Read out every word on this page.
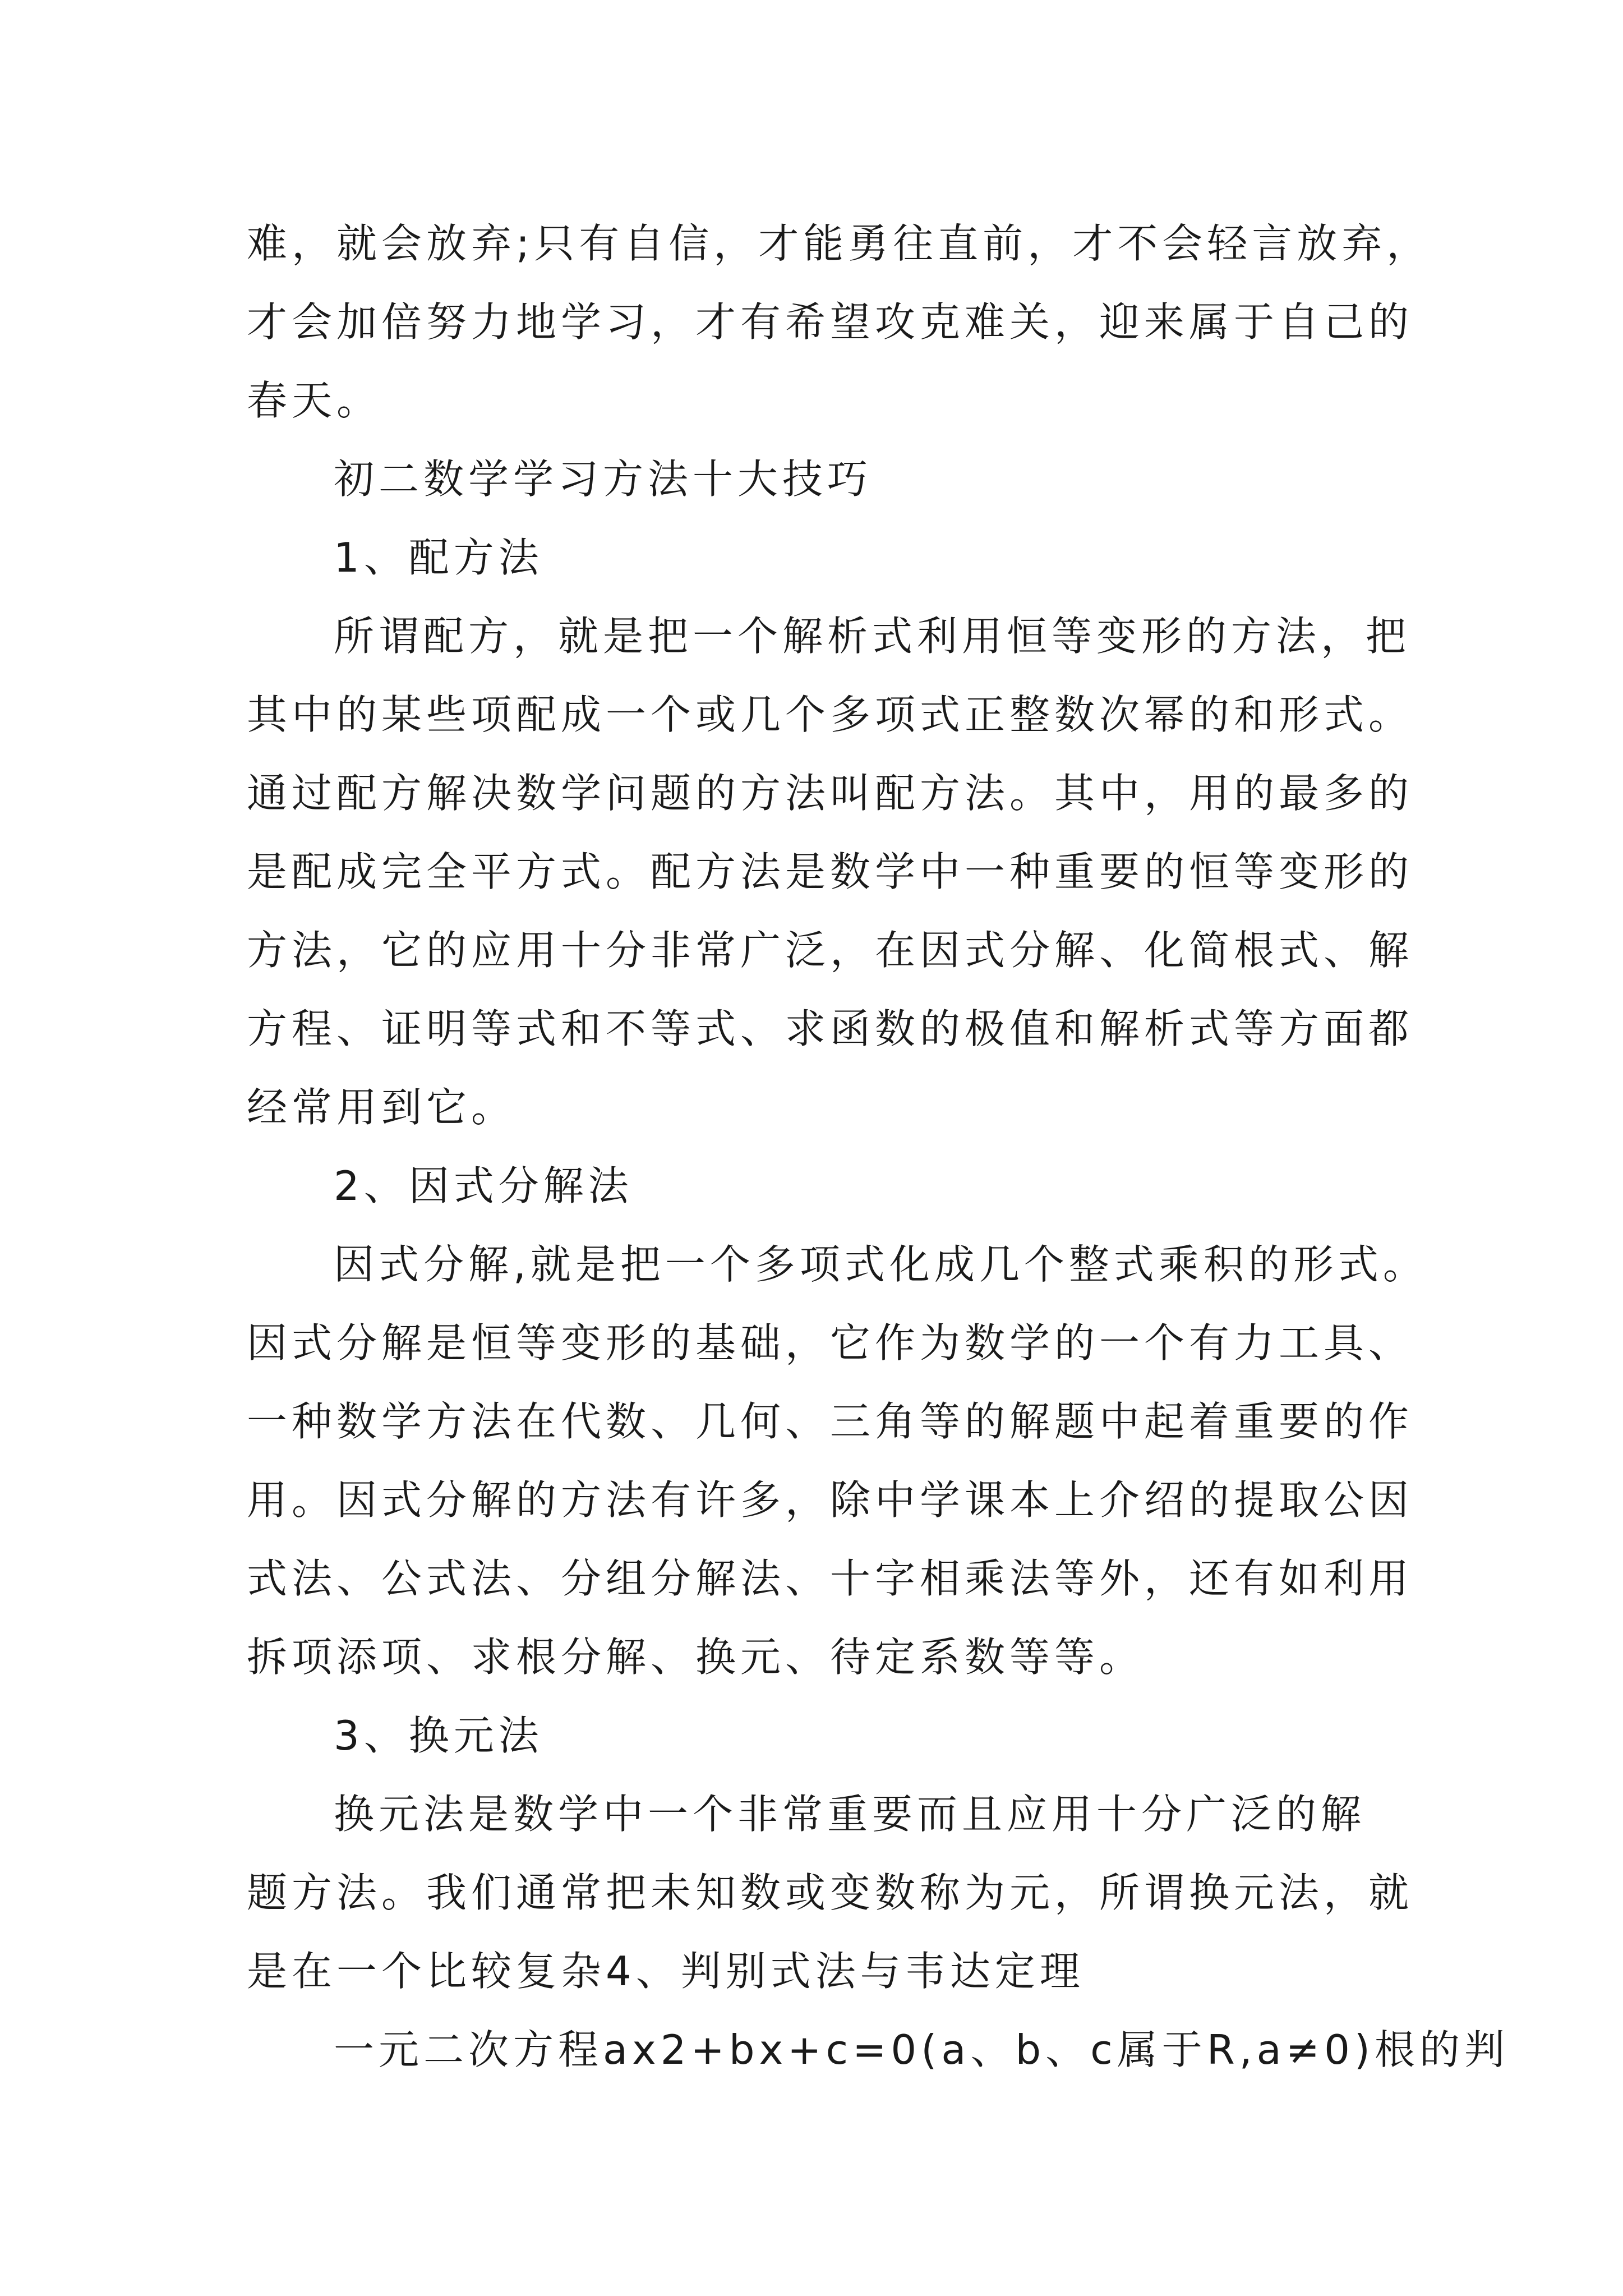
难，就会放弃;只有自信，才能勇往直前，才不会轻言放弃，
才会加倍努力地学习，才有希望攻克难关，迎来属于自己的
春天。
初二数学学习方法十大技巧
1、配方法
所谓配方，就是把一个解析式利用恒等变形的方法，把
其中的某些项配成一个或几个多项式正整数次幂的和形式。
通过配方解决数学问题的方法叫配方法。其中，用的最多的
是配成完全平方式。配方法是数学中一种重要的恒等变形的
方法，它的应用十分非常广泛，在因式分解、化简根式、解
方程、证明等式和不等式、求函数的极值和解析式等方面都
经常用到它。
2、因式分解法
因式分解,就是把一个多项式化成几个整式乘积的形式。
因式分解是恒等变形的基础，它作为数学的一个有力工具、
一种数学方法在代数、几何、三角等的解题中起着重要的作
用。因式分解的方法有许多，除中学课本上介绍的提取公因
式法、公式法、分组分解法、十字相乘法等外，还有如利用
拆项添项、求根分解、换元、待定系数等等。
3、换元法
换元法是数学中一个非常重要而且应用十分广泛的解
题方法。我们通常把未知数或变数称为元，所谓换元法，就
是在一个比较复杂4、判别式法与韦达定理
一元二次方程ax2+bx+c=0(a、b、c属于R,a≠0)根的判
